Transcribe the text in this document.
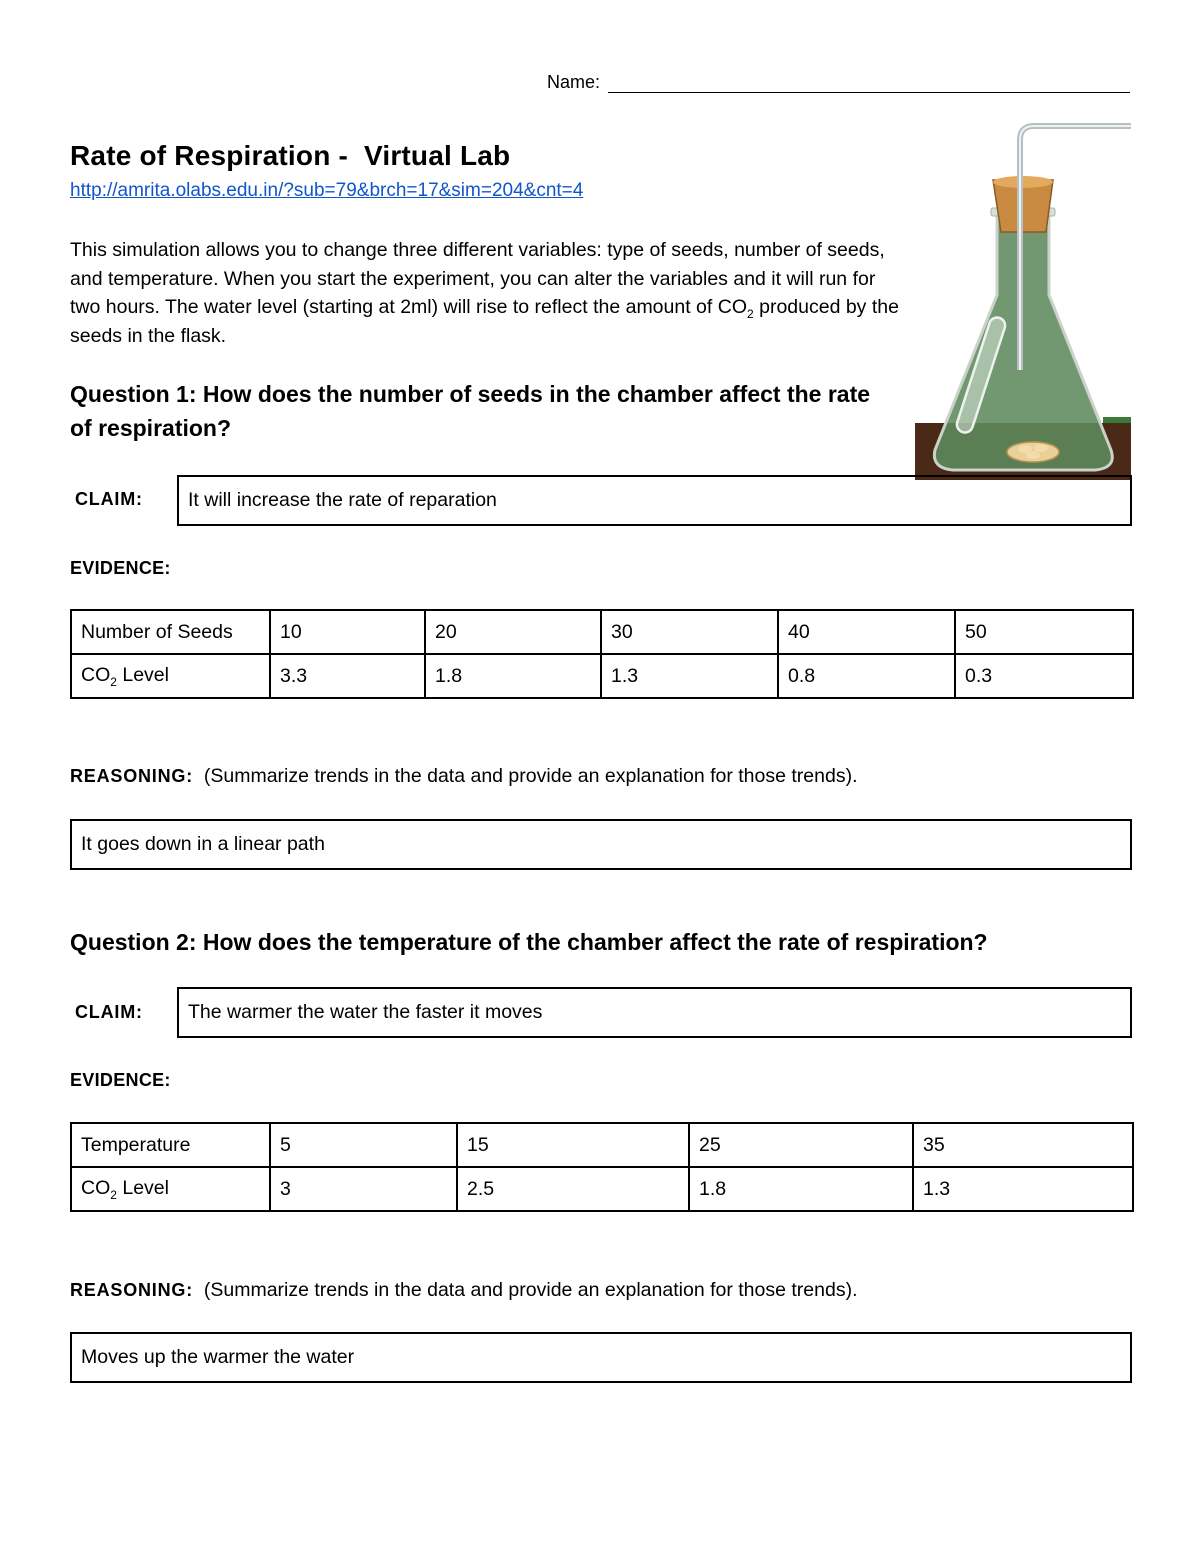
Name:
Rate of Respiration -  Virtual Lab
http://amrita.olabs.edu.in/?sub=79&brch=17&sim=204&cnt=4
This simulation allows you to change three different variables: type of seeds, number of seeds, and temperature. When you start the experiment, you can alter the variables and it will run for two hours. The water level (starting at 2ml) will rise to reflect the amount of $CO_2$ produced by the seeds in the flask.
Question 1: How does the number of seeds in the chamber affect the rate of respiration?
CLAIM: It will increase the rate of reparation
EVIDENCE:
Number of Seeds	10	20	30	40	50
$CO_2$ Level	3.3	1.8	1.3	0.8	0.3
REASONING: (Summarize trends in the data and provide an explanation for those trends).
It goes down in a linear path
Question 2: How does the temperature of the chamber affect the rate of respiration?
CLAIM: The warmer the water the faster it moves
EVIDENCE:
Temperature	5	15	25	35
$CO_2$ Level	3	2.5	1.8	1.3
REASONING: (Summarize trends in the data and provide an explanation for those trends).
Moves up the warmer the water
